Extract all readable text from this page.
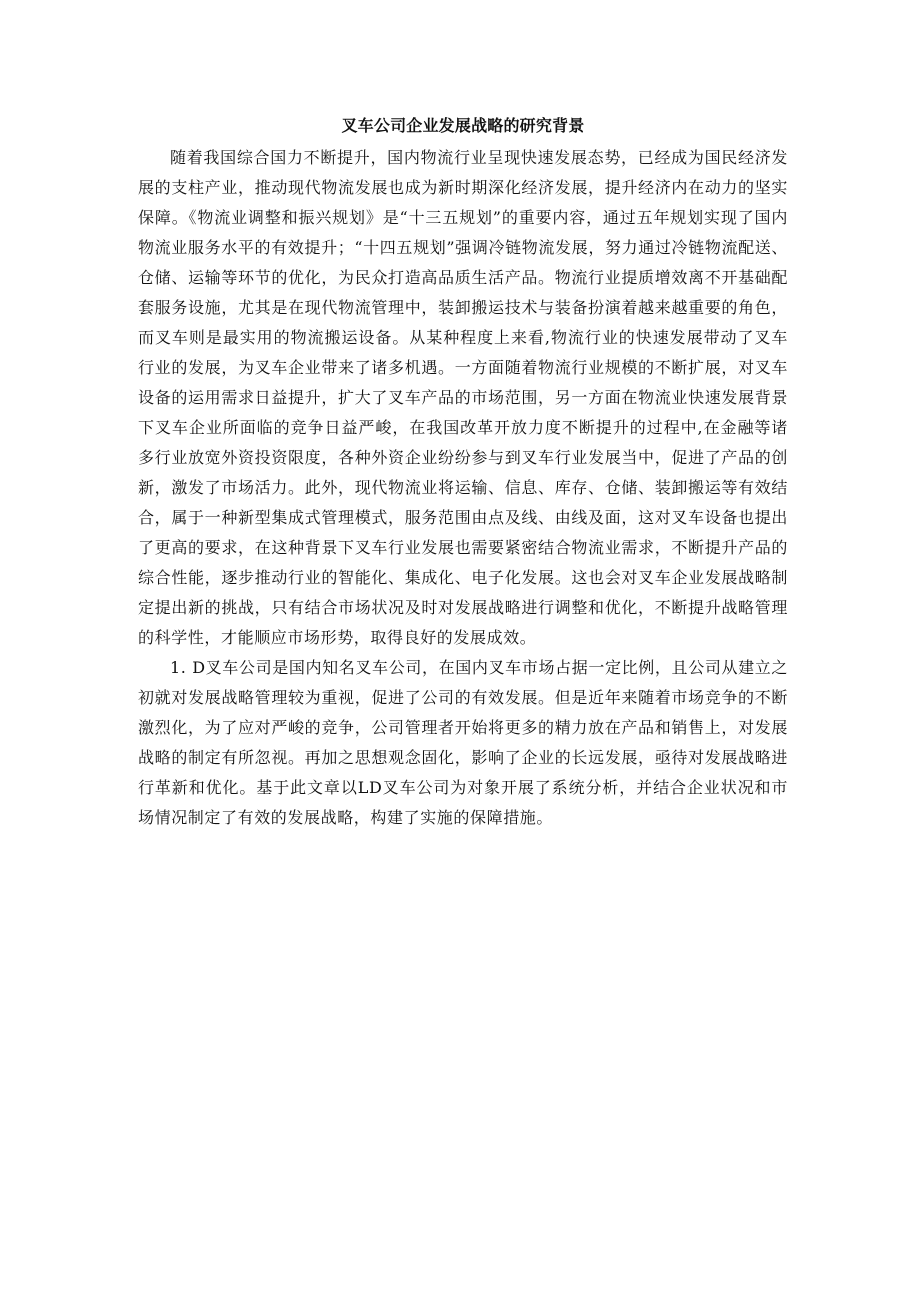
叉车公司企业发展战略的研究背景

随着我国综合国力不断提升，国内物流行业呈现快速发展态势，已经成为国民经济发展的支柱产业，推动现代物流发展也成为新时期深化经济发展，提升经济内在动力的坚实保障。《物流业调整和振兴规划》是“十三五规划”的重要内容，通过五年规划实现了国内物流业服务水平的有效提升；“十四五规划”强调冷链物流发展，努力通过冷链物流配送、仓储、运输等环节的优化，为民众打造高品质生活产品。物流行业提质增效离不开基础配套服务设施，尤其是在现代物流管理中，装卸搬运技术与装备扮演着越来越重要的角色，而叉车则是最实用的物流搬运设备。从某种程度上来看,物流行业的快速发展带动了叉车行业的发展，为叉车企业带来了诸多机遇。一方面随着物流行业规模的不断扩展，对叉车设备的运用需求日益提升，扩大了叉车产品的市场范围，另一方面在物流业快速发展背景下叉车企业所面临的竞争日益严峻，在我国改革开放力度不断提升的过程中,在金融等诸多行业放宽外资投资限度，各种外资企业纷纷参与到叉车行业发展当中，促进了产品的创新，激发了市场活力。此外，现代物流业将运输、信息、库存、仓储、装卸搬运等有效结合，属于一种新型集成式管理模式，服务范围由点及线、由线及面，这对叉车设备也提出了更高的要求，在这种背景下叉车行业发展也需要紧密结合物流业需求，不断提升产品的综合性能，逐步推动行业的智能化、集成化、电子化发展。这也会对叉车企业发展战略制定提出新的挑战，只有结合市场状况及时对发展战略进行调整和优化，不断提升战略管理的科学性，才能顺应市场形势，取得良好的发展成效。

1. D叉车公司是国内知名叉车公司，在国内叉车市场占据一定比例，且公司从建立之初就对发展战略管理较为重视，促进了公司的有效发展。但是近年来随着市场竞争的不断激烈化，为了应对严峻的竞争，公司管理者开始将更多的精力放在产品和销售上，对发展战略的制定有所忽视。再加之思想观念固化，影响了企业的长远发展，亟待对发展战略进行革新和优化。基于此文章以LD叉车公司为对象开展了系统分析，并结合企业状况和市场情况制定了有效的发展战略，构建了实施的保障措施。
